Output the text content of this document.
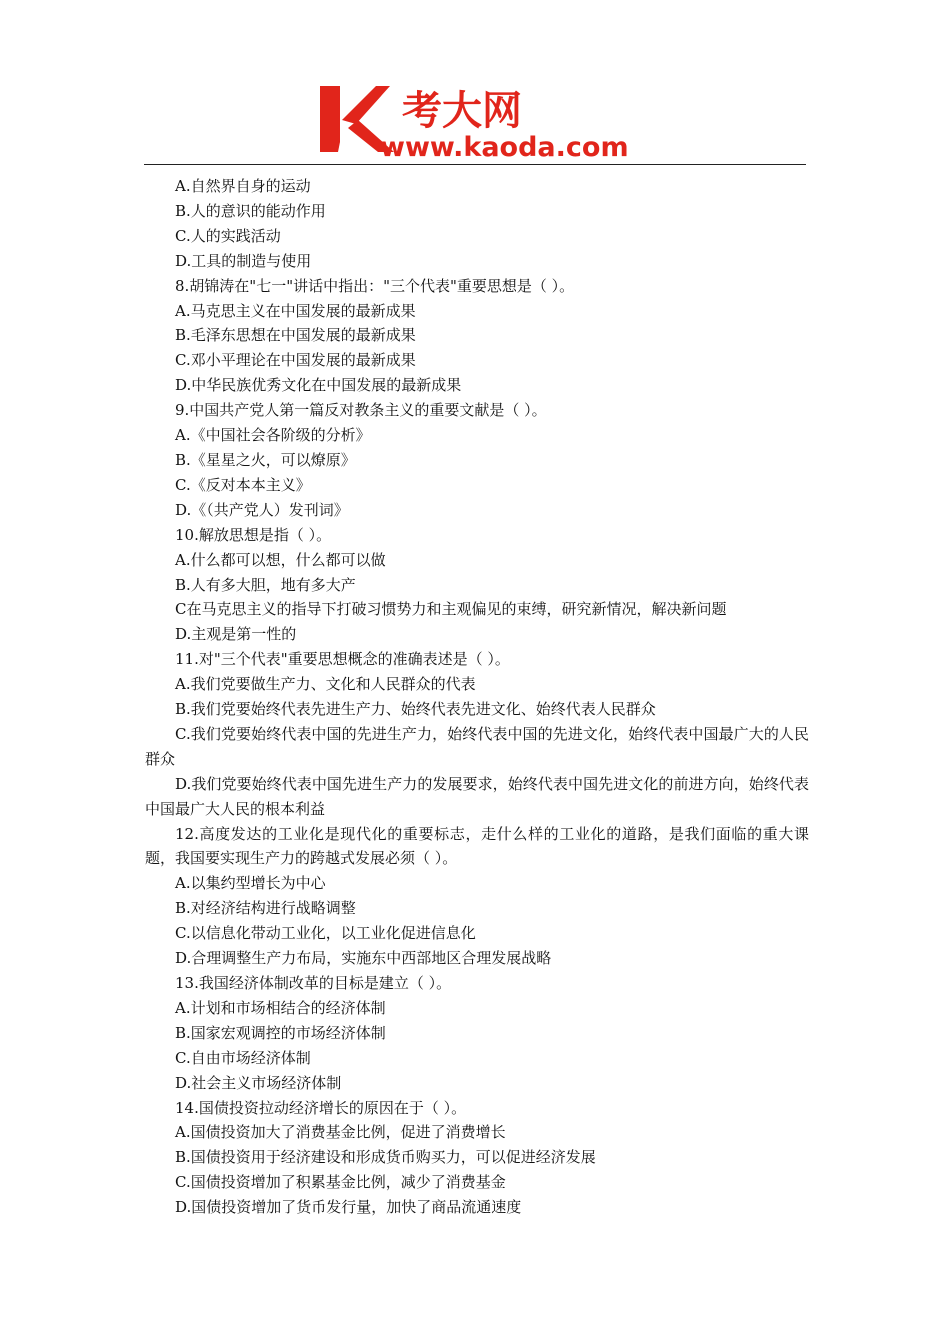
考大网
www.kaoda.com
A.自然界自身的运动
B.人的意识的能动作用
C.人的实践活动
D.工具的制造与使用
8.胡锦涛在"七一"讲话中指出："三个代表"重要思想是（ ）。
A.马克思主义在中国发展的最新成果
B.毛泽东思想在中国发展的最新成果
C.邓小平理论在中国发展的最新成果
D.中华民族优秀文化在中国发展的最新成果
9.中国共产党人第一篇反对教条主义的重要文献是（ ）。
A.《中国社会各阶级的分析》
B.《星星之火，可以燎原》
C.《反对本本主义》
D.《（共产党人）发刊词》
10.解放思想是指（ ）。
A.什么都可以想，什么都可以做
B.人有多大胆，地有多大产
C在马克思主义的指导下打破习惯势力和主观偏见的束缚，研究新情况，解决新问题
D.主观是第一性的
11.对"三个代表"重要思想概念的准确表述是（ ）。
A.我们党要做生产力、文化和人民群众的代表
B.我们党要始终代表先进生产力、始终代表先进文化、始终代表人民群众
C.我们党要始终代表中国的先进生产力，始终代表中国的先进文化，始终代表中国最广大的人民群众
D.我们党要始终代表中国先进生产力的发展要求，始终代表中国先进文化的前进方向，始终代表中国最广大人民的根本利益
12.高度发达的工业化是现代化的重要标志，走什么样的工业化的道路，是我们面临的重大课题，我国要实现生产力的跨越式发展必须（ ）。
A.以集约型增长为中心
B.对经济结构进行战略调整
C.以信息化带动工业化，以工业化促进信息化
D.合理调整生产力布局，实施东中西部地区合理发展战略
13.我国经济体制改革的目标是建立（ ）。
A.计划和市场相结合的经济体制
B.国家宏观调控的市场经济体制
C.自由市场经济体制
D.社会主义市场经济体制
14.国债投资拉动经济增长的原因在于（ ）。
A.国债投资加大了消费基金比例，促进了消费增长
B.国债投资用于经济建设和形成货币购买力，可以促进经济发展
C.国债投资增加了积累基金比例，减少了消费基金
D.国债投资增加了货币发行量，加快了商品流通速度
